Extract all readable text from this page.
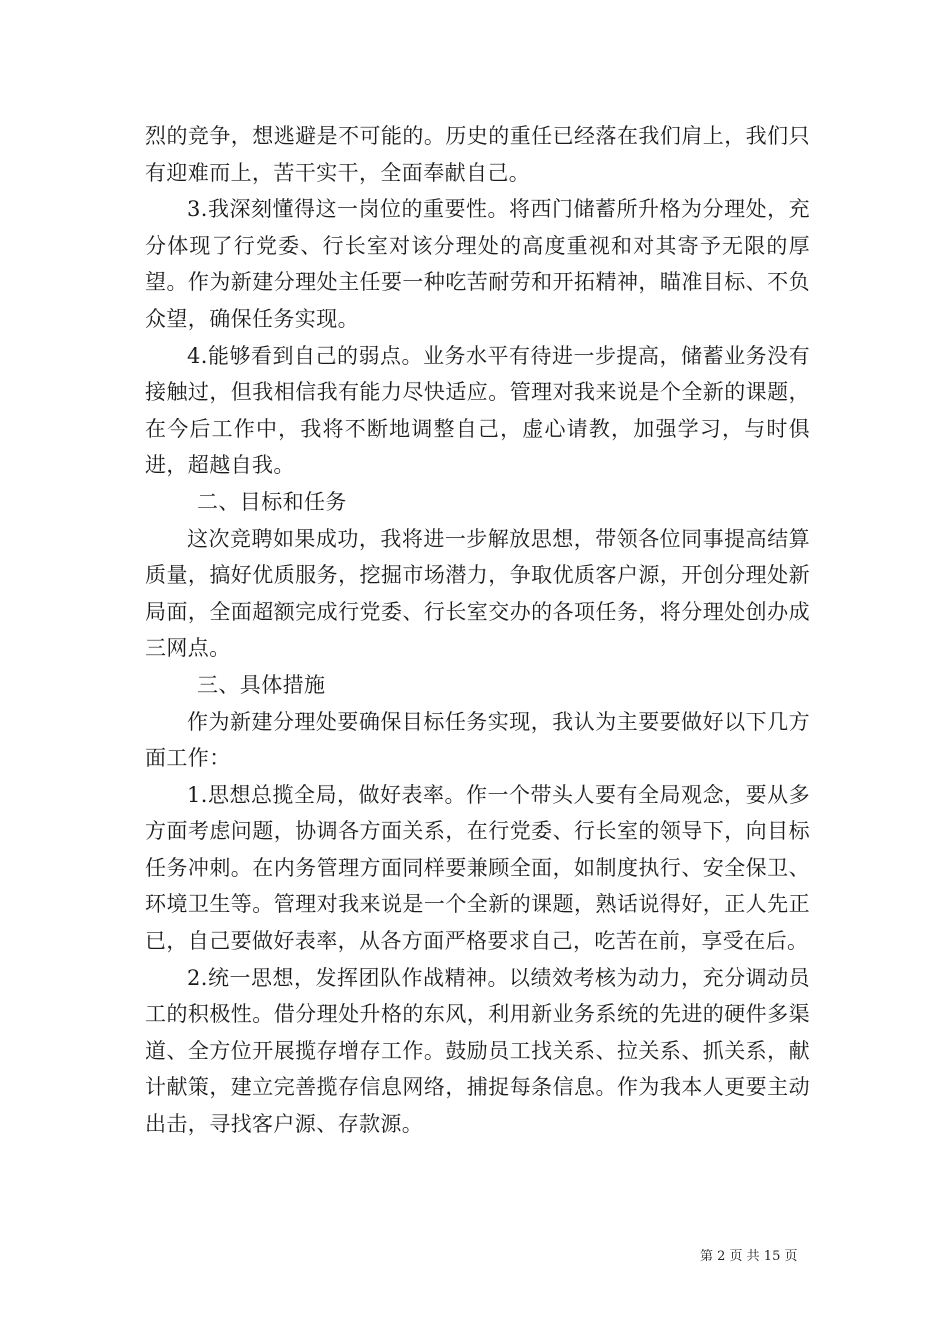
烈的竞争，想逃避是不可能的。历史的重任已经落在我们肩上，我们只有迎难而上，苦干实干，全面奉献自己。

3.我深刻懂得这一岗位的重要性。将西门储蓄所升格为分理处，充分体现了行党委、行长室对该分理处的高度重视和对其寄予无限的厚望。作为新建分理处主任要一种吃苦耐劳和开拓精神，瞄准目标、不负众望，确保任务实现。

4.能够看到自己的弱点。业务水平有待进一步提高，储蓄业务没有接触过，但我相信我有能力尽快适应。管理对我来说是个全新的课题，在今后工作中，我将不断地调整自己，虚心请教，加强学习，与时俱进，超越自我。

二、目标和任务

这次竞聘如果成功，我将进一步解放思想，带领各位同事提高结算质量，搞好优质服务，挖掘市场潜力，争取优质客户源，开创分理处新局面，全面超额完成行党委、行长室交办的各项任务，将分理处创办成三网点。

三、具体措施

作为新建分理处要确保目标任务实现，我认为主要要做好以下几方面工作：

1.思想总揽全局，做好表率。作一个带头人要有全局观念，要从多方面考虑问题，协调各方面关系，在行党委、行长室的领导下，向目标任务冲刺。在内务管理方面同样要兼顾全面，如制度执行、安全保卫、环境卫生等。管理对我来说是一个全新的课题，熟话说得好，正人先正已，自己要做好表率，从各方面严格要求自己，吃苦在前，享受在后。

2.统一思想，发挥团队作战精神。以绩效考核为动力，充分调动员工的积极性。借分理处升格的东风，利用新业务系统的先进的硬件多渠道、全方位开展揽存增存工作。鼓励员工找关系、拉关系、抓关系，献计献策，建立完善揽存信息网络，捕捉每条信息。作为我本人更要主动出击，寻找客户源、存款源。

第 2 页 共 15 页
